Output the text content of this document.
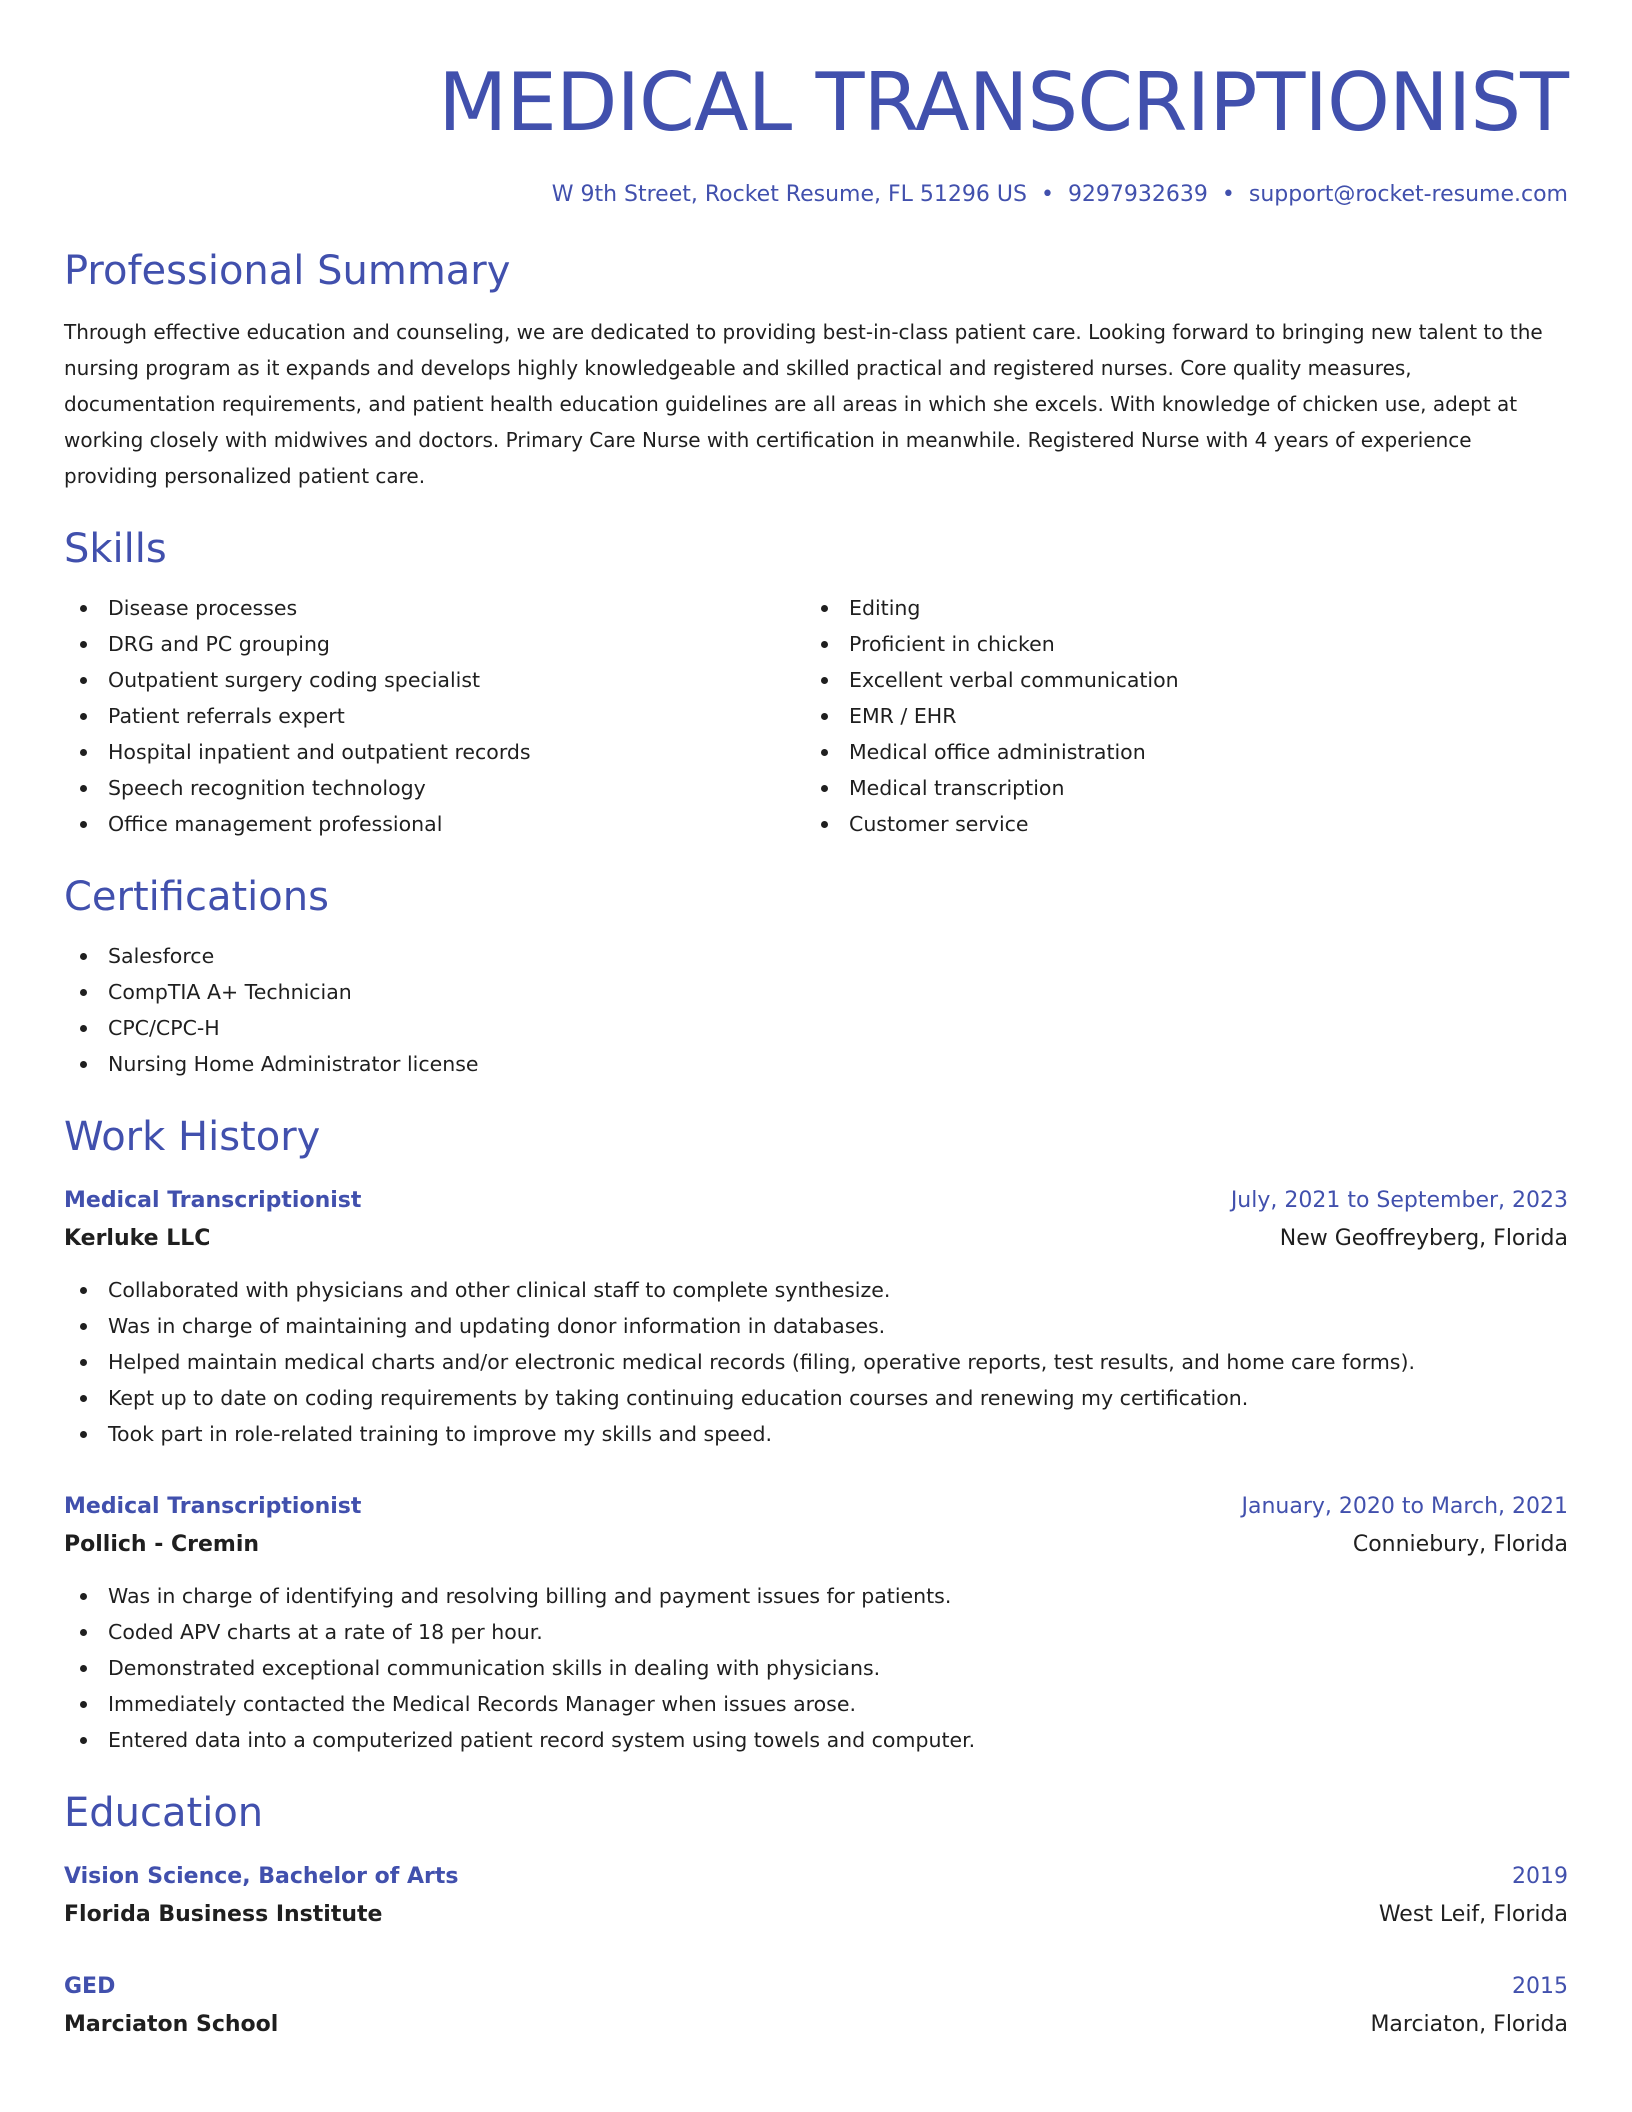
MEDICAL TRANSCRIPTIONIST
W 9th Street, Rocket Resume, FL 51296 US • 9297932639 • support@rocket-resume.com
Professional Summary

Through effective education and counseling, we are dedicated to providing best-in-class patient care. Looking forward to bringing new talent to the nursing program as it expands and develops highly knowledgeable and skilled practical and registered nurses. Core quality measures, documentation requirements, and patient health education guidelines are all areas in which she excels. With knowledge of chicken use, adept at working closely with midwives and doctors. Primary Care Nurse with certification in meanwhile. Registered Nurse with 4 years of experience providing personalized patient care.

Skills
Disease processes
DRG and PC grouping
Outpatient surgery coding specialist
Patient referrals expert
Hospital inpatient and outpatient records
Speech recognition technology
Office management professional
Editing
Proficient in chicken
Excellent verbal communication
EMR / EHR
Medical office administration
Medical transcription
Customer service
Certifications
Salesforce
CompTIA A+ Technician
CPC/CPC-H
Nursing Home Administrator license
Work History
Medical Transcriptionist	July, 2021 to September, 2023
Kerluke LLC	New Geoffreyberg, Florida
Collaborated with physicians and other clinical staff to complete synthesize.
Was in charge of maintaining and updating donor information in databases.
Helped maintain medical charts and/or electronic medical records (filing, operative reports, test results, and home care forms).
Kept up to date on coding requirements by taking continuing education courses and renewing my certification.
Took part in role-related training to improve my skills and speed.
Medical Transcriptionist	January, 2020 to March, 2021
Pollich - Cremin	Conniebury, Florida
Was in charge of identifying and resolving billing and payment issues for patients.
Coded APV charts at a rate of 18 per hour.
Demonstrated exceptional communication skills in dealing with physicians.
Immediately contacted the Medical Records Manager when issues arose.
Entered data into a computerized patient record system using towels and computer.
Education
Vision Science, Bachelor of Arts	2019
Florida Business Institute	West Leif, Florida
GED	2015
Marciaton School	Marciaton, Florida
